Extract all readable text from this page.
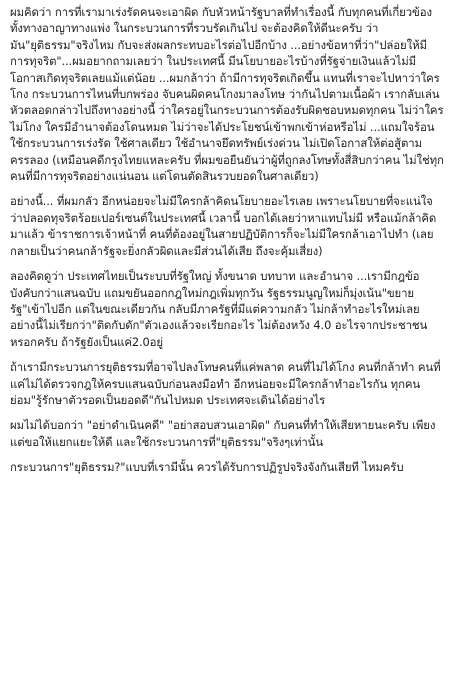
ผมคิดว่า การที่เรามาเร่งรัดคนจะเอาผิด กับหัวหน้ารัฐบาลที่ทำเรื่องนี้ กับทุกคนที่เกี่ยวข้อง ทั้งทางอาญาทางแพ่ง ในกระบวนการที่รวบรัดเกินไป จะต้องคิดให้ดีนะครับ ว่ามัน"ยุติธรรม"จริงไหม กับจะส่งผลกระทบอะไรต่อไปอีกบ้าง ...อย่างข้อหาที่ว่า"ปล่อยให้มีการทุจริต"...ผมอยากถามเลยว่า ในประเทศนี้ มีนโยบายอะไรบ้างที่รัฐจ่ายเงินแล้วไม่มีโอกาสเกิดทุจริตเลยแม้แต่น้อย ...ผมกล้าว่า ถ้ามีการทุจริตเกิดขึ้น แทนที่เราจะไปหาว่าใครโกง กระบวนการไหนที่บกพร่อง จับคนผิดคนโกงมาลงโทษ ว่ากันไปตามเนื้อผ้า เรากลับเล่นหัวตลอดกล่าวไปถึงทางอย่างนี้ ว่าใครอยู่ในกระบวนการต้องรับผิดชอบหมดทุกคน ไม่ว่าใครไม่โกง ใครมีอำนาจต้องโดนหมด ไม่ว่าจะได้ประโยชน์เข้าพกเข้าห่อหรือไม่ ...แถมใจร้อน ใช้กระบวนการเร่งรัด ใช้ศาลเดียว ใช้อำนาจยึดทรัพย์เร่งด่วน ไม่เปิดโอกาสให้ต่อสู้ตามครรลอง (เหมือนคดีกรุงไทยแหละครับ ที่ผมขอยืนยันว่าผู้ที่ถูกลงโทษทั้งสี่สิบกว่าคน ไม่ใช่ทุกคนที่มีการทุจริตอย่างแน่นอน แต่โดนตัดสินรวบยอดในศาลเดียว)

อย่างนี้... ที่ผมกลัว อีกหน่อยจะไม่มีใครกล้าคิดนโยบายอะไรเลย เพราะนโยบายที่จะแน่ใจว่าปลอดทุจริตร้อยเปอร์เซนต์ในประเทศนี้ เวลานี้ บอกได้เลยว่าหาแทบไม่มี หรือแม้กล้าคิดมาแล้ว ข้าราชการเจ้าหน้าที่ คนที่ต้องอยู่ในสายปฏิบัติการก็จะไม่มีใครกล้าเอาไปทำ (เลยกลายเป็นว่าคนกล้ารัฐจะยิ่งกลัวผิดและมีส่วนได้เสีย ถึงจะคุ้มเสี่ยง)

ลองคิดดูว่า ประเทศไทยเป็นระบบที่รัฐใหญ่ ทั้งขนาด บทบาท และอำนาจ ...เรามีกฎข้อบังคับกว่าแสนฉบับ แถมขยันออกกฎใหม่กฎเพิ่มทุกวัน รัฐธรรมนูญใหม่ก็มุ่งเน้น"ขยายรัฐ"เข้าไปอีก แต่ในขณะเดียวกัน กลับมีภาครัฐที่มีแต่ความกลัว ไม่กล้าทำอะไรใหม่เลย อย่างนี้ไม่เรียกว่า"ติดกับดัก"ตัวเองแล้วจะเรียกอะไร ไม่ต้องหวัง 4.0 อะไรจากประชาชนหรอกครับ ถ้ารัฐยังเป็นแค่2.0อยู่

ถ้าเรามีกระบวนการยุติธรรมที่อาจไปลงโทษคนที่แค่พลาด คนที่ไม่ได้โกง คนที่กล้าทำ คนที่แค่ไม่ได้ตรวจกฎให้ครบแสนฉบับก่อนลงมือทำ อีกหน่อยจะมีใครกล้าทำอะไรกัน ทุกคนย่อม"รู้รักษาตัวรอดเป็นยอดดี"กันไปหมด ประเทศจะเดินได้อย่างไร

ผมไม่ได้บอกว่า "อย่าดำเนินคดี" "อย่าสอบสวนเอาผิด" กับคนที่ทำให้เสียหายนะครับ เพียงแต่ขอให้แยกแยะให้ดี และใช้กระบวนการที่"ยุติธรรม"จริงๆเท่านั้น

กระบวนการ"ยุติธรรม?"แบบที่เรามีนั้น ควรได้รับการปฏิรูปจริงจังกันเสียที ไหมครับ
